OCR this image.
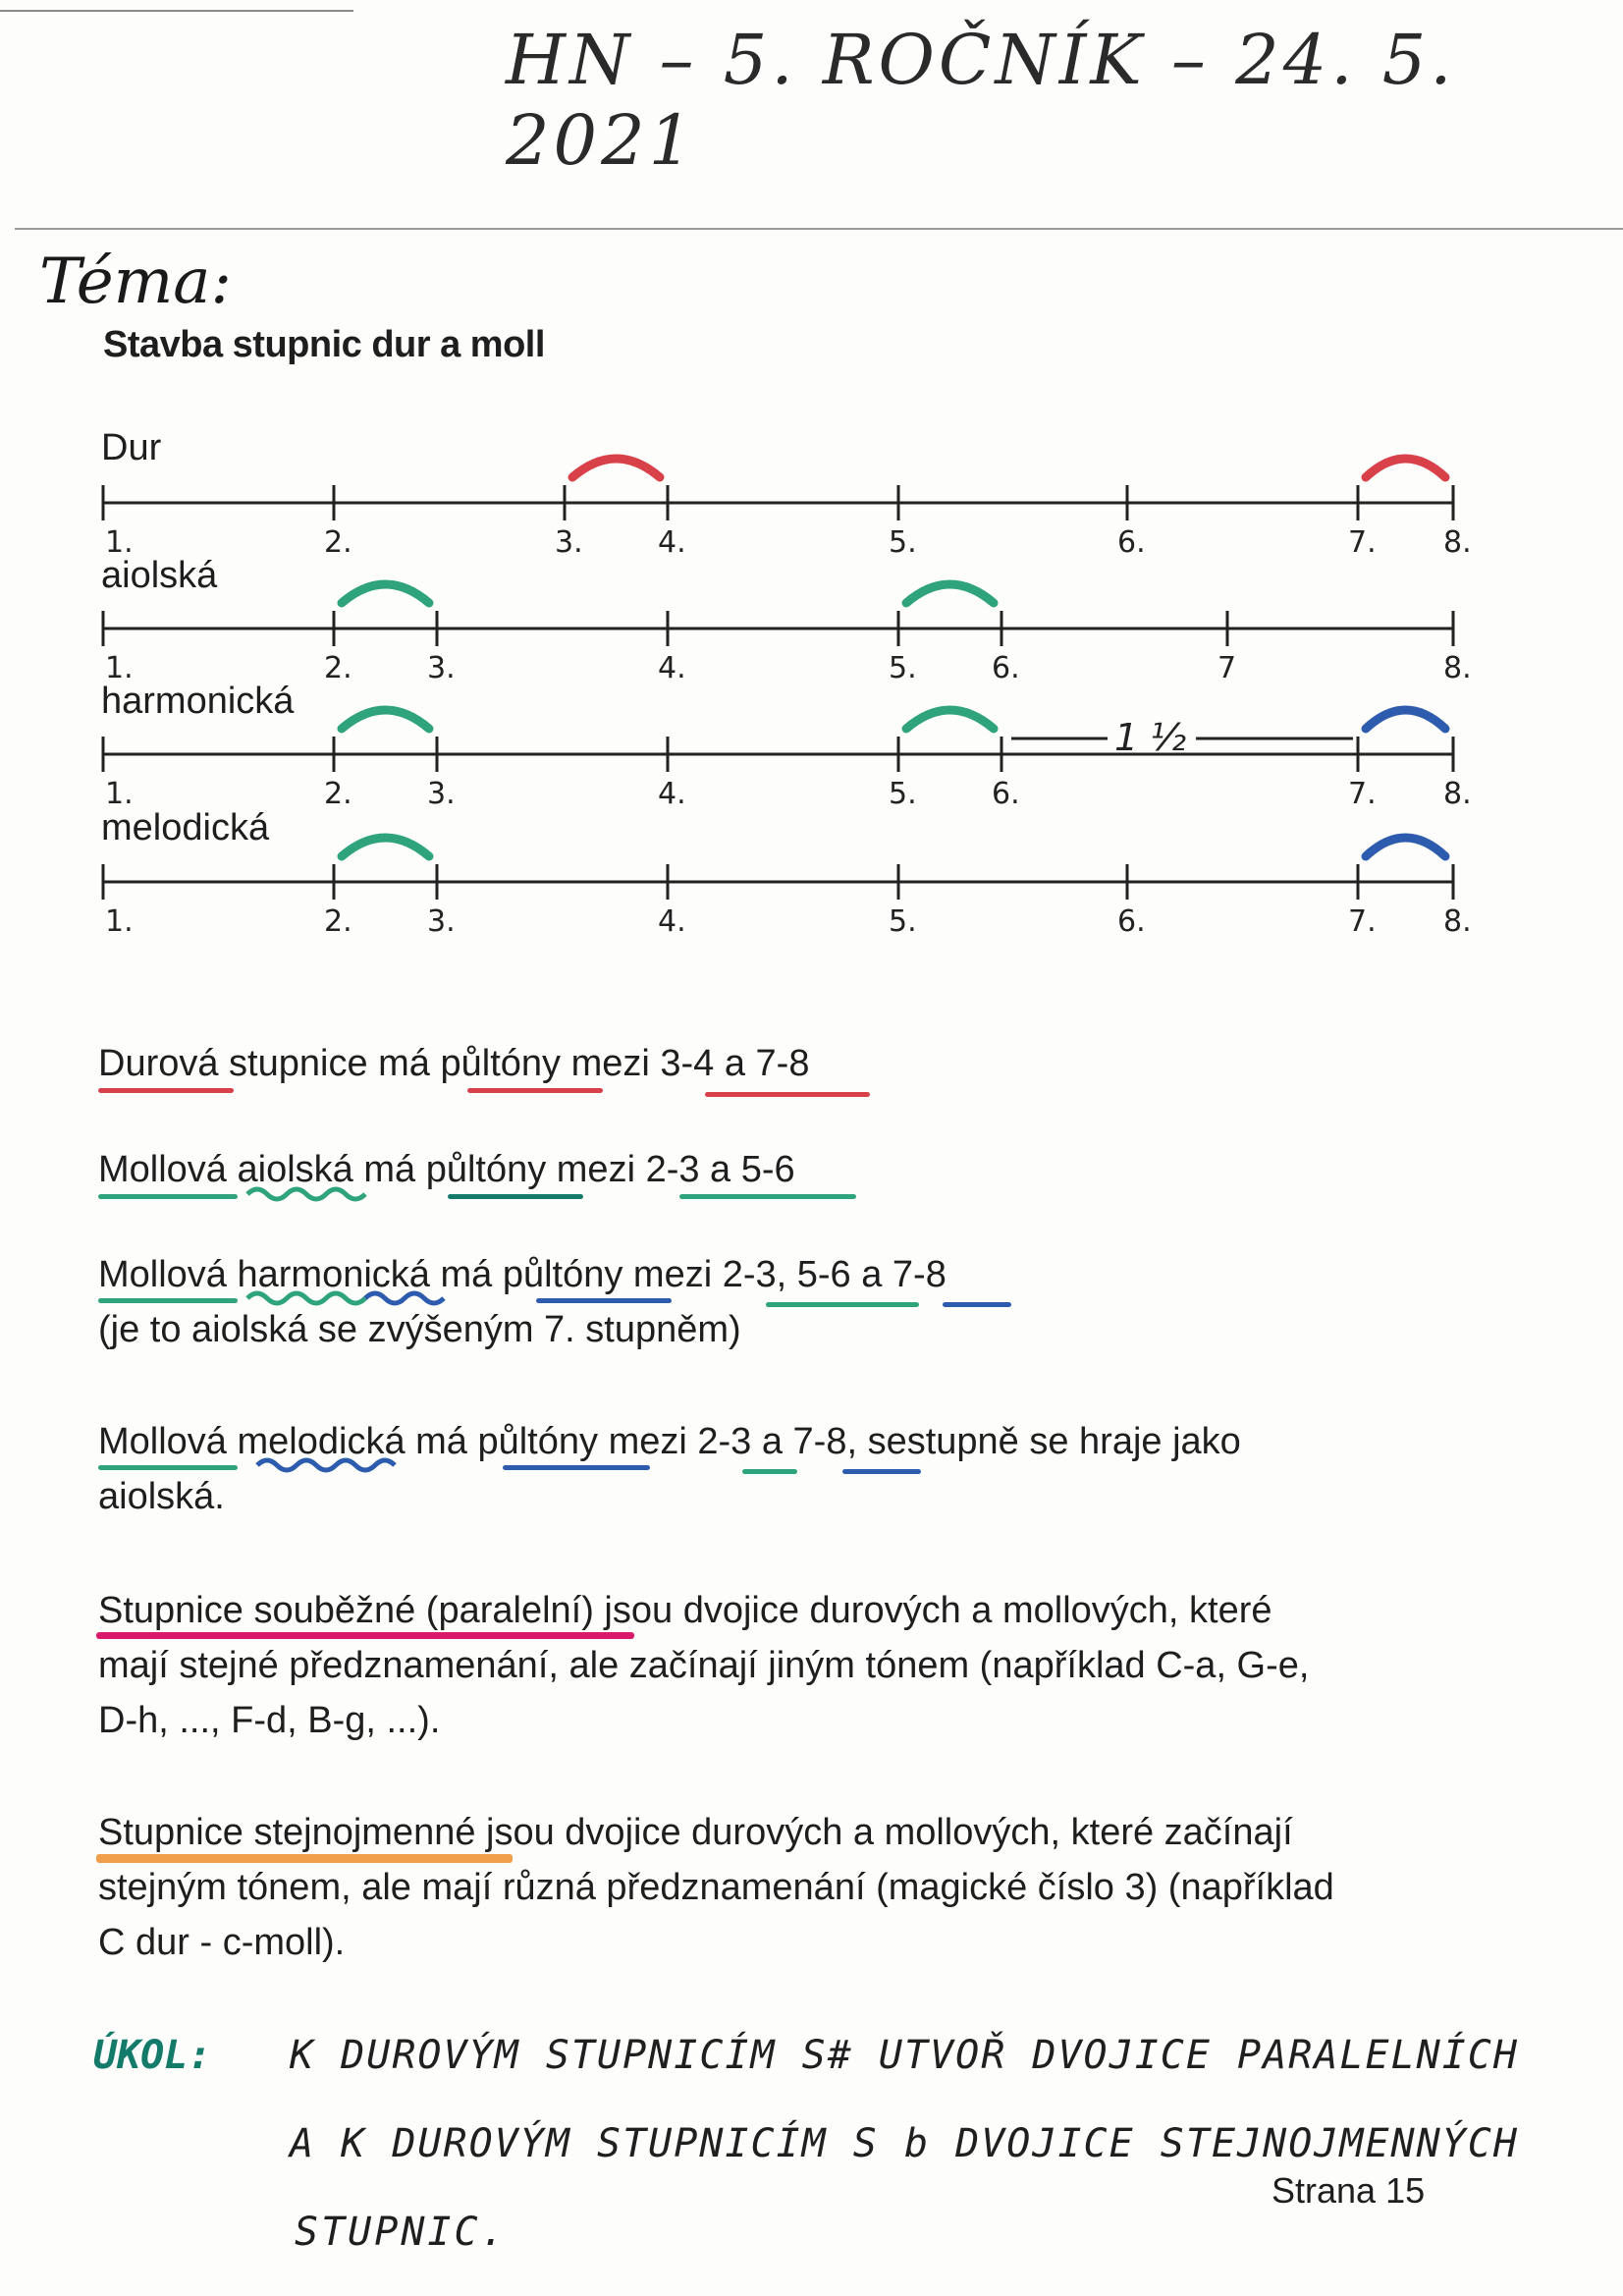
HN – 5. ROČNÍK – 24. 5. 2021
Téma:
Stavba stupnic dur a moll
Dur
aiolská
harmonická
melodická
1.	2.	3.	4.	5.	6.	7. 8.
1.	2.	3.	4.	5.	6.	7	8.
1.	2.	3.	4.	5.	6.	7. 8.
1.	2.	3.	4.	5.	6.	7. 8.
1 ½
Durová stupnice má půltóny mezi 3-4 a 7-8
Mollová aiolská má půltóny mezi 2-3 a 5-6
Mollová harmonická má půltóny mezi 2-3, 5-6 a 7-8
(je to aiolská se zvýšeným 7. stupněm)
Mollová melodická má půltóny mezi 2-3 a 7-8, sestupně se hraje jako
aiolská.
Stupnice souběžné (paralelní) jsou dvojice durových a mollových, které
mají stejné předznamenání, ale začínají jiným tónem (například C-a, G-e,
D-h, ..., F-d, B-g, ...).
Stupnice stejnojmenné jsou dvojice durových a mollových, které začínají
stejným tónem, ale mají různá předznamenání (magické číslo 3) (například
C dur - c-moll).
ÚKOL: K DUROVÝM STUPNICÍM S# UTVOŘ DVOJICE PARALELNÍCH
A K DUROVÝM STUPNICÍM S b DVOJICE STEJNOJMENNÝCH
STUPNIC.
Strana 15
